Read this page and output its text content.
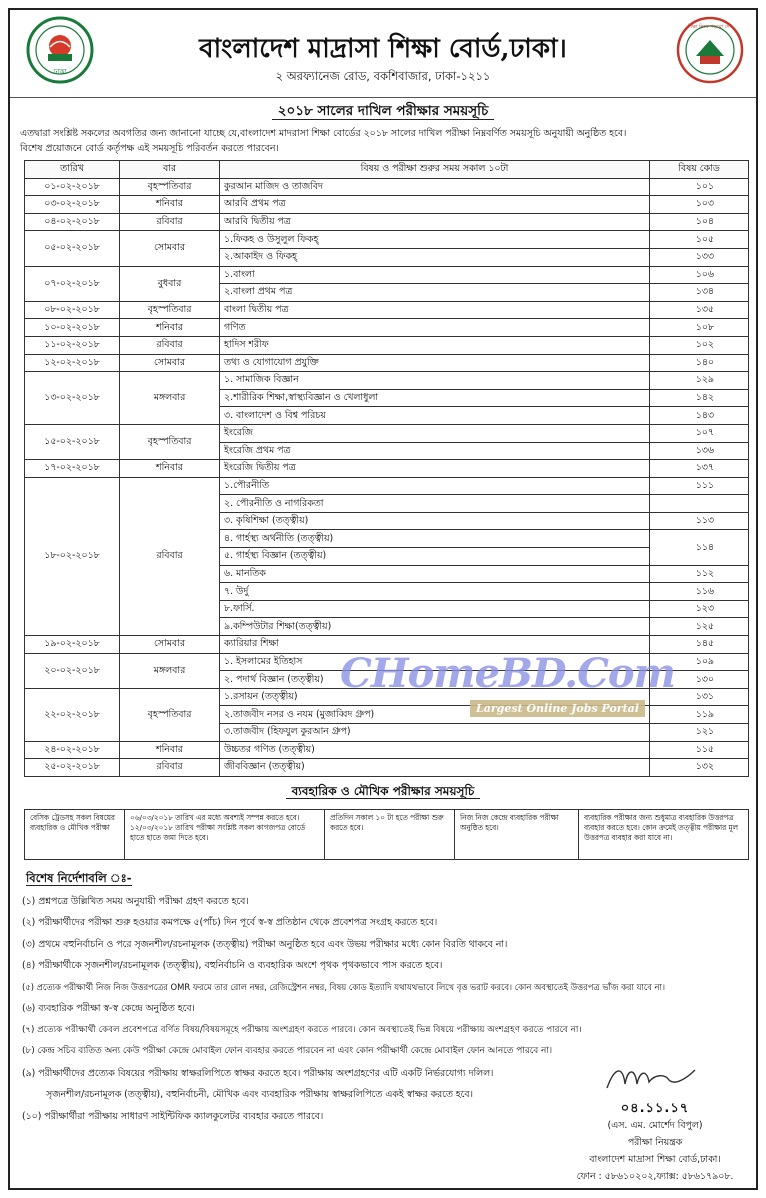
ঢাকা
বাংলাদেশ মাদ্রাসা শিক্ষা বোর্ড,ঢাকা।
২ অরফ্যানেজ রোড, বকশিবাজার, ঢাকা-১২১১
শিক্ষা নিয়ে গড়বো দেশ
২০১৮ সালের দাখিল পরীক্ষার সময়সূচি
এতদ্বারা সংশ্লিষ্ট সকলের অবগতির জন্য জানানো যাচ্ছে যে,বাংলাদেশ মাদরাসা শিক্ষা বোর্ডের ২০১৮ সালের দাখিল পরীক্ষা নিম্নবর্ণিত সময়সূচি অনুযায়ী অনুষ্ঠিত হবে।
বিশেষ প্রয়োজনে বোর্ড কর্তৃপক্ষ এই সময়সূচি পরিবর্তন করতে পারবেন।
তারিখ	বার	বিষয় ও পরীক্ষা শুরুর সময় সকাল ১০টা	বিষয় কোড
০১-০২-২০১৮	বৃহস্পতিবার	কুরআন মাজিদ ও তাজবিদ	১০১
০৩-০২-২০১৮	শনিবার	আরবি প্রথম পত্র	১০৩
০৪-০২-২০১৮	রবিবার	আরবি দ্বিতীয় পত্র	১০৪
০৫-০২-২০১৮	সোমবার	১.ফিকহ ও উসুলুল ফিকহ্	১০৫
		২.আকাইদ ও ফিকহ্	১৩৩
০৭-০২-২০১৮	বুধবার	১.বাংলা	১০৬
		২.বাংলা প্রথম পত্র	১৩৪
০৮-০২-২০১৮	বৃহস্পতিবার	বাংলা দ্বিতীয় পত্র	১৩৫
১০-০২-২০১৮	শনিবার	গণিত	১০৮
১১-০২-২০১৮	রবিবার	হাদিস শরীফ	১০২
১২-০২-২০১৮	সোমবার	তথ্য ও যোগাযোগ প্রযুক্তি	১৪০
১৩-০২-২০১৮	মঙ্গলবার	১. সামাজিক বিজ্ঞান	১২৯
		২.শারীরিক শিক্ষা,স্বাস্থ্যবিজ্ঞান ও খেলাধুলা	১৪২
		৩. বাংলাদেশ ও বিশ্ব পরিচয়	১৪৩
১৫-০২-২০১৮	বৃহস্পতিবার	ইংরেজি	১০৭
		ইংরেজি প্রথম পত্র	১৩৬
১৭-০২-২০১৮	শনিবার	ইংরেজি দ্বিতীয় পত্র	১৩৭
১৮-০২-২০১৮	রবিবার	১.পৌরনীতি	১১১
		২. পৌরনীতি ও নাগরিকতা	
		৩. কৃষিশিক্ষা (তত্ত্বীয়)	১১৩
		৪. গার্হস্থ্য অর্থনীতি (তত্ত্বীয়)	১১৪
		৫. গার্হস্থ্য বিজ্ঞান (তত্ত্বীয়)	
		৬. মানতিক	১১২
		৭. উর্দু	১১৬
		৮.ফার্সি.	১২৩
		৯.কম্পিউটার শিক্ষা(তত্ত্বীয়)	১২৫
১৯-০২-২০১৮	সোমবার	ক্যারিয়ার শিক্ষা	১৪৫
২০-০২-২০১৮	মঙ্গলবার	১. ইসলামের ইতিহাস	১০৯
		২. পদার্থ বিজ্ঞান (তত্ত্বীয়)	১৩০
২২-০২-২০১৮	বৃহস্পতিবার	১.রসায়ন (তত্ত্বীয়)	১৩১
		২.তাজবীদ নসর ও নযম (মুজাব্বিদ গ্রুপ)	১১৯
		৩.তাজবীদ (হিফযুল কুরআন গ্রুপ)	১২১
২৪-০২-২০১৮	শনিবার	উচ্চতর গণিত (তত্ত্বীয়)	১১৫
২৫-০২-২০১৮	রবিবার	জীববিজ্ঞান (তত্ত্বীয়)	১৩২
ব্যবহারিক ও মৌখিক পরীক্ষার সময়সূচি
বেসিক ট্রেডসহ সকল বিষয়ের ব্যবহারিক ও মৌখিক পরীক্ষা	০৬/০৩/২০১৮ তারিখ এর মধ্যে অবশ্যই সম্পন্ন করতে হবে। ১২/০৩/২০১৮ তারিখ পরীক্ষা সংশ্লিষ্ট সকল কাগজপত্র বোর্ডে হাতে হাতে জমা দিতে হবে।	প্রতিদিন সকাল ১০ টা হতে পরীক্ষা শুরু করতে হবে।	নিজ নিজ কেন্দ্রে ব্যবহারিক পরীক্ষা অনুষ্ঠিত হবে।	ব্যবহারিক পরীক্ষার জন্য শুধুমাত্র ব্যবহারিক উত্তরপত্র ব্যবহার করতে হবে। কোন ক্রমেই তত্ত্বীয় পরীক্ষার মূল উত্তরপত্র ব্যবহার করা যাবে না।
বিশেষ নির্দেশাবলি ঃ-
(১) প্রশ্নপত্রে উল্লিখিত সময় অনুযায়ী পরীক্ষা গ্রহণ করতে হবে।
(২) পরীক্ষার্থীদের পরীক্ষা শুরু হওয়ার কমপক্ষে ৫(পাঁচ) দিন পূর্বে স্ব-স্ব প্রতিষ্ঠান থেকে প্রবেশপত্র সংগ্রহ করতে হবে।
(৩) প্রথমে বহুনির্বাচনি ও পরে সৃজনশীল/রচনামূলক (তত্ত্বীয়) পরীক্ষা অনুষ্ঠিত হবে এবং উভয় পরীক্ষার মধ্যে কোন বিরতি থাকবে না।
(৪) পরীক্ষার্থীকে সৃজনশীল/রচনামূলক (তত্ত্বীয়), বহুনির্বাচনি ও ব্যবহারিক অংশে পৃথক পৃথকভাবে পাস করতে হবে।
(৫) প্রত্যেক পরীক্ষার্থী নিজ নিজ উত্তরপত্রের OMR ফরমে তার রোল নম্বর, রেজিস্ট্রেশন নম্বর, বিষয় কোড ইত্যাদি যথাযথভাবে লিখে বৃত্ত ভরাট করবে। কোন অবস্থাতেই উত্তরপত্র ভাঁজ করা যাবে না।
(৬) ব্যবহারিক পরীক্ষা স্ব-স্ব কেন্দ্রে অনুষ্ঠিত হবে।
(৭) প্রত্যেক পরীক্ষার্থী কেবল প্রবেশপত্রে বর্ণিত বিষয়/বিষয়সমূহে পরীক্ষায় অংশগ্রহণ করতে পারবে। কোন অবস্থাতেই ভিন্ন বিষয়ে পরীক্ষায় অংশগ্রহণ করতে পারবে না।
(৮) কেন্দ্র সচিব ব্যতিত অন্য কেউ পরীক্ষা কেন্দ্রে মোবাইল ফোন ব্যবহার করতে পারবেন না এবং কোন পরীক্ষার্থী কেন্দ্রে মোবাইল ফোন আনতে পারবে না।
(৯) পরীক্ষার্থীদের প্রত্যেক বিষয়ের পরীক্ষায় স্বাক্ষরলিপিতে স্বাক্ষর করতে হবে। পরীক্ষায় অংশগ্রহণের এটি একটি নির্ভরযোগ্য দলিল।
সৃজনশীল/রচনামূলক (তত্ত্বীয়), বহুনির্বাচনী, মৌখিক এবং ব্যবহারিক পরীক্ষায় স্বাক্ষরলিপিতে একই স্বাক্ষর করতে হবে।
(১০) পরীক্ষার্থীরা পরীক্ষায় সাধারণ সাইন্টিফিক ক্যালকুলেটর ব্যবহার করতে পারবে।
০৪.১১.১৭
(এস. এম. মোর্শেদ বিপুল)
পরীক্ষা নিয়ন্ত্রক
বাংলাদেশ মাদ্রাসা শিক্ষা বোর্ড,ঢাকা।
ফোন : ৫৮৬১০২০২,ফ্যাক্স: ৫৮৬১৭৯০৮.
CHomeBD.Com
Largest Online Jobs Portal
